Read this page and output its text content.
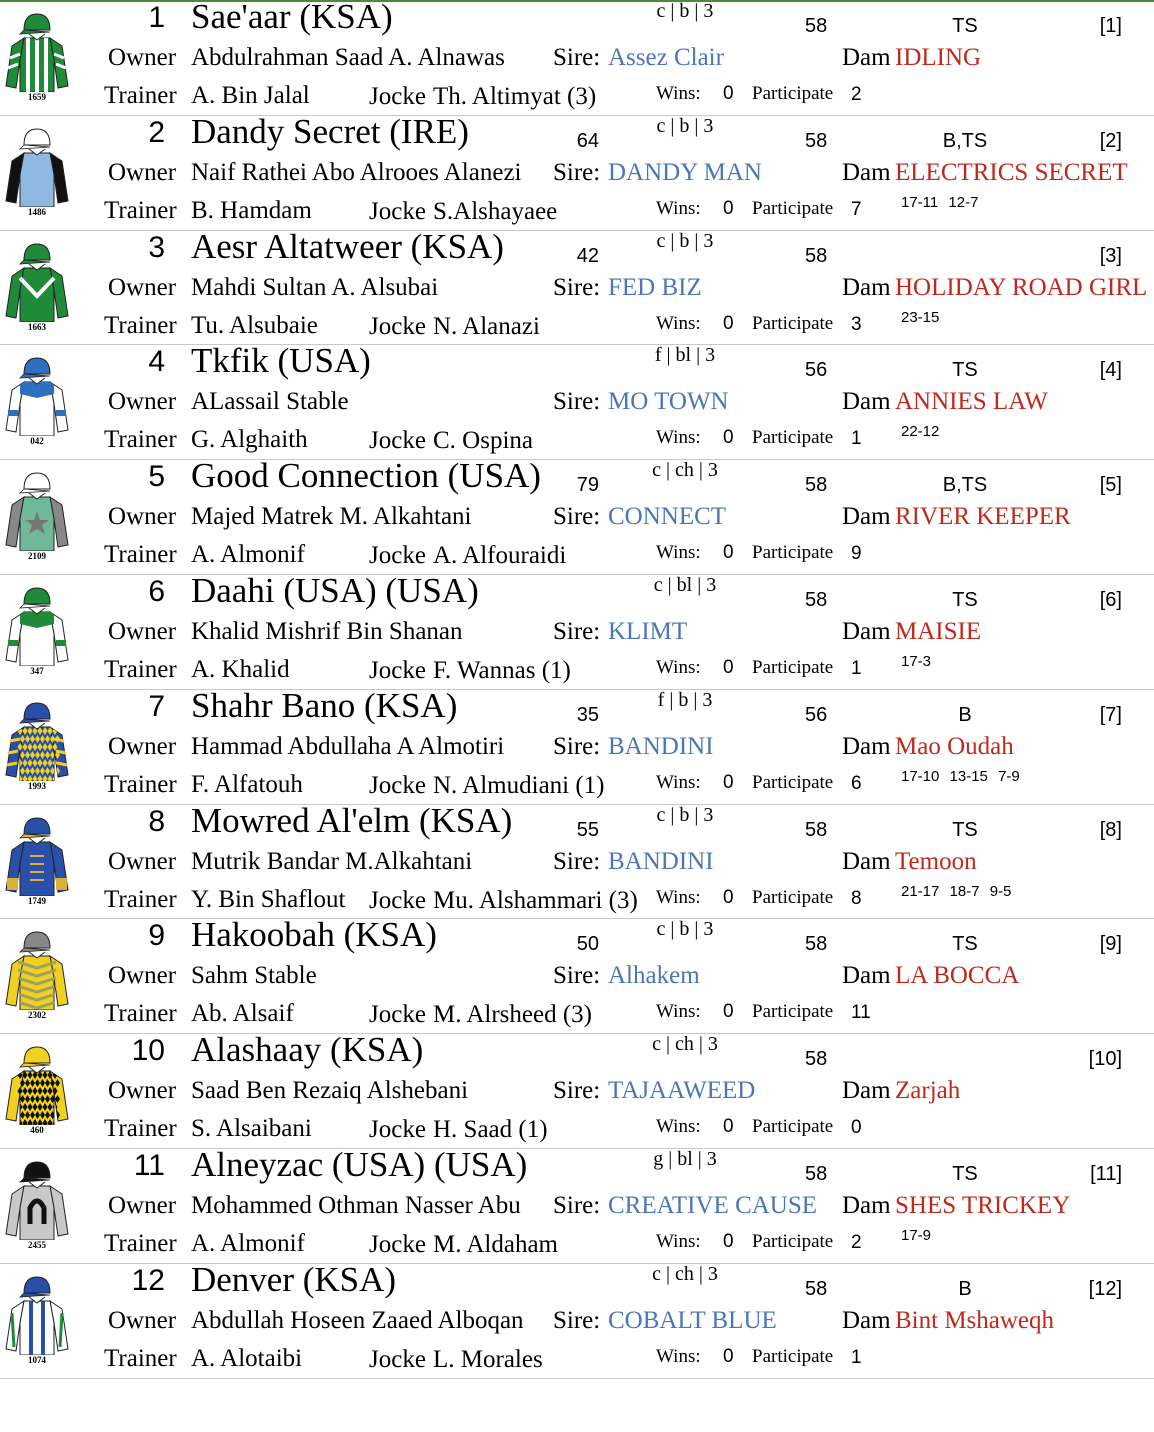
1659
1 Sae'aar (KSA)	c | b | 3
58	TS	[1]
Owner Abdulrahman Saad A. Alnawas	Sire: Assez Clair	Dam IDLING
Trainer A. Bin Jalal Jocke Th. Altimyat (3)	Wins: 0 Participate 2
1486
2 Dandy Secret (IRE)	64
c | b | 3
58	B,TS	[2]
Owner Naif Rathei Abo Alrooes Alanezi	Sire: DANDY MAN	Dam ELECTRICS SECRET
Trainer B. Hamdam Jocke S.Alshayaee	Wins: 0 Participate 7	17-11 12-7
1663
3 Aesr Altatweer (KSA)	42
c | b | 3
58	[3]
Owner Mahdi Sultan A. Alsubai	Sire: FED BIZ	Dam HOLIDAY ROAD GIRL
Trainer Tu. Alsubaie Jocke N. Alanazi	Wins: 0 Participate 3	23-15
042
4 Tkfik (USA)	f | bl | 3
56	TS	[4]
Owner ALassail Stable	Sire: MO TOWN	Dam ANNIES LAW
Trainer G. Alghaith Jocke C. Ospina	Wins: 0 Participate 1	22-12
2109
5 Good Connection (USA) 79
c | ch | 3
58	B,TS	[5]
Owner Majed Matrek M. Alkahtani	Sire: CONNECT	Dam RIVER KEEPER
Trainer A. Almonif	Jocke A. Alfouraidi	Wins: 0 Participate 9
347
6 Daahi (USA) (USA)	c | bl | 3
58	TS	[6]
Owner Khalid Mishrif Bin Shanan	Sire: KLIMT	Dam MAISIE
Trainer A. Khalid	Jocke F. Wannas (1)	Wins: 0 Participate 1	17-3
1993
7 Shahr Bano (KSA)	35
f | b | 3
56	B	[7]
Owner Hammad Abdullaha A Almotiri	Sire: BANDINI	Dam Mao Oudah
Trainer F. Alfatouh	Jocke N. Almudiani (1)	Wins: 0 Participate 6	17-10 13-15 7-9
1749
8 Mowred Al'elm (KSA)	55
c | b | 3
58	TS	[8]
Owner Mutrik Bandar M.Alkahtani	Sire: BANDINI	Dam Temoon
Trainer Y. Bin Shaflout Jocke Mu. Alshammari (3) Wins: 0 Participate 8	21-17 18-7 9-5
2302
9 Hakoobah (KSA)	50
c | b | 3
58	TS	[9]
Owner Sahm Stable	Sire: Alhakem	Dam LA BOCCA
Trainer Ab. Alsaif	Jocke M. Alrsheed (3)	Wins: 0 Participate 11
460
10 Alashaay (KSA)	c | ch | 3
58	[10]
Owner Saad Ben Rezaiq Alshebani	Sire: TAJAAWEED	Dam Zarjah
Trainer S. Alsaibani Jocke H. Saad (1)	Wins: 0 Participate 0
2455
11 Alneyzac (USA) (USA)	g | bl | 3
58	TS	[11]
Owner Mohammed Othman Nasser Abu	Sire: CREATIVE CAUSE Dam SHES TRICKEY
Trainer A. Almonif	Jocke M. Aldaham	Wins: 0 Participate 2	17-9
1074
12 Denver (KSA)	c | ch | 3
58	B	[12]
Owner Abdullah Hoseen Zaaed Alboqan	Sire: COBALT BLUE	Dam Bint Mshaweqh
Trainer A. Alotaibi	Jocke L. Morales	Wins: 0 Participate 1
